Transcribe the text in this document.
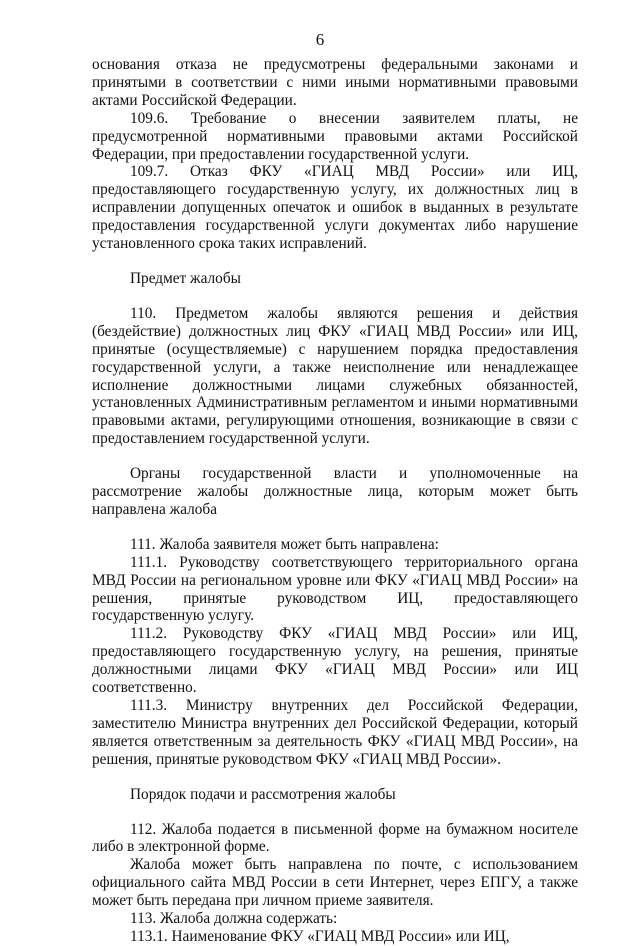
6

основания отказа не предусмотрены федеральными законами и принятыми в соответствии с ними иными нормативными правовыми актами Российской Федерации.

109.6. Требование о внесении заявителем платы, не предусмотренной нормативными правовыми актами Российской Федерации, при предоставлении государственной услуги.

109.7. Отказ ФКУ «ГИАЦ МВД России» или ИЦ, предоставляющего государственную услугу, их должностных лиц в исправлении допущенных опечаток и ошибок в выданных в результате предоставления государственной услуги документах либо нарушение установленного срока таких исправлений.

Предмет жалобы

110. Предметом жалобы являются решения и действия (бездействие) должностных лиц ФКУ «ГИАЦ МВД России» или ИЦ, принятые (осуществляемые) с нарушением порядка предоставления государственной услуги, а также неисполнение или ненадлежащее исполнение должностными лицами служебных обязанностей, установленных Административным регламентом и иными нормативными правовыми актами, регулирующими отношения, возникающие в связи с предоставлением государственной услуги.

Органы государственной власти и уполномоченные на рассмотрение жалобы должностные лица, которым может быть направлена жалоба

111. Жалоба заявителя может быть направлена:

111.1. Руководству соответствующего территориального органа МВД России на региональном уровне или ФКУ «ГИАЦ МВД России» на решения, принятые руководством ИЦ, предоставляющего государственную услугу.

111.2. Руководству ФКУ «ГИАЦ МВД России» или ИЦ, предоставляющего государственную услугу, на решения, принятые должностными лицами ФКУ «ГИАЦ МВД России» или ИЦ соответственно.

111.3. Министру внутренних дел Российской Федерации, заместителю Министра внутренних дел Российской Федерации, который является ответственным за деятельность ФКУ «ГИАЦ МВД России», на решения, принятые руководством ФКУ «ГИАЦ МВД России».

Порядок подачи и рассмотрения жалобы

112. Жалоба подается в письменной форме на бумажном носителе либо в электронной форме.

Жалоба может быть направлена по почте, с использованием официального сайта МВД России в сети Интернет, через ЕПГУ, а также может быть передана при личном приеме заявителя.

113. Жалоба должна содержать:

113.1. Наименование ФКУ «ГИАЦ МВД России» или ИЦ,
